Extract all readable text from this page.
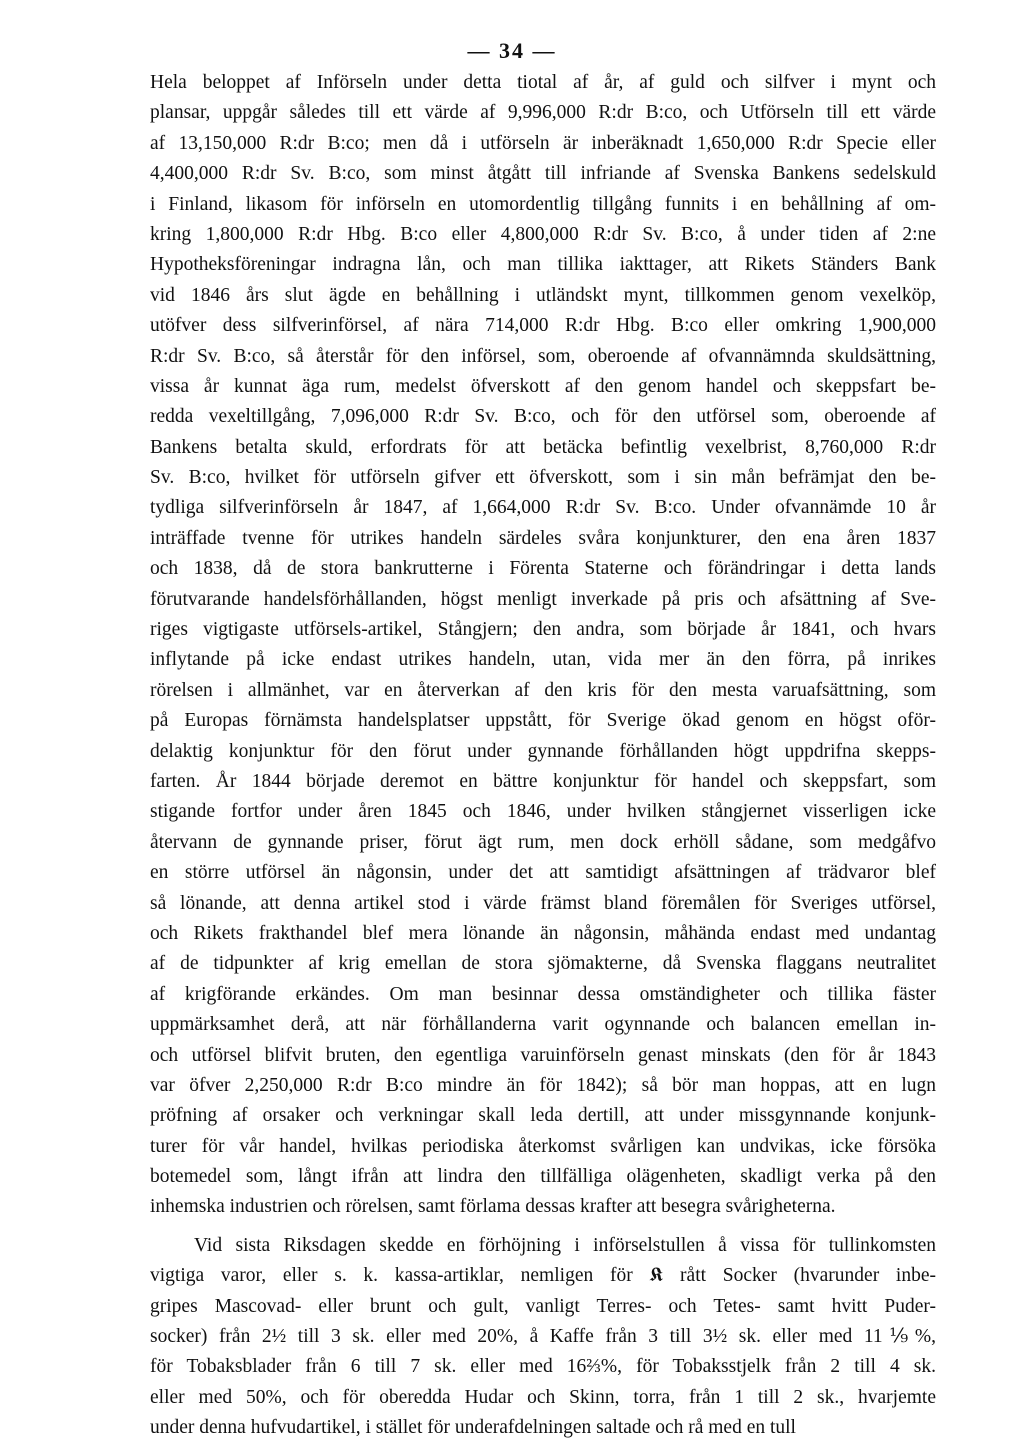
— 34 —
Hela beloppet af Införseln under detta tiotal af år, af guld och silfver i mynt och
plansar, uppgår således till ett värde af 9,996,000 R:dr B:co, och Utförseln till ett värde
af 13,150,000 R:dr B:co; men då i utförseln är inberäknadt 1,650,000 R:dr Specie eller
4,400,000 R:dr Sv. B:co, som minst åtgått till infriande af Svenska Bankens sedelskuld
i Finland, likasom för införseln en utomordentlig tillgång funnits i en behållning af om-
kring 1,800,000 R:dr Hbg. B:co eller 4,800,000 R:dr Sv. B:co, å under tiden af 2:ne
Hypotheksföreningar indragna lån, och man tillika iakttager, att Rikets Ständers Bank
vid 1846 års slut ägde en behållning i utländskt mynt, tillkommen genom vexelköp,
utöfver dess silfverinförsel, af nära 714,000 R:dr Hbg. B:co eller omkring 1,900,000
R:dr Sv. B:co, så återstår för den införsel, som, oberoende af ofvannämnda skuldsättning,
vissa år kunnat äga rum, medelst öfverskott af den genom handel och skeppsfart be-
redda vexeltillgång, 7,096,000 R:dr Sv. B:co, och för den utförsel som, oberoende af
Bankens betalta skuld, erfordrats för att betäcka befintlig vexelbrist, 8,760,000 R:dr
Sv. B:co, hvilket för utförseln gifver ett öfverskott, som i sin mån befrämjat den be-
tydliga silfverinförseln år 1847, af 1,664,000 R:dr Sv. B:co. Under ofvannämde 10 år
inträffade tvenne för utrikes handeln särdeles svåra konjunkturer, den ena åren 1837
och 1838, då de stora bankrutterne i Förenta Staterne och förändringar i detta lands
förutvarande handelsförhållanden, högst menligt inverkade på pris och afsättning af Sve-
riges vigtigaste utförsels-artikel, Stångjern; den andra, som började år 1841, och hvars
inflytande på icke endast utrikes handeln, utan, vida mer än den förra, på inrikes
rörelsen i allmänhet, var en återverkan af den kris för den mesta varuafsättning, som
på Europas förnämsta handelsplatser uppstått, för Sverige ökad genom en högst oför-
delaktig konjunktur för den förut under gynnande förhållanden högt uppdrifna skepps-
farten. År 1844 började deremot en bättre konjunktur för handel och skeppsfart, som
stigande fortfor under åren 1845 och 1846, under hvilken stångjernet visserligen icke
återvann de gynnande priser, förut ägt rum, men dock erhöll sådane, som medgåfvo
en större utförsel än någonsin, under det att samtidigt afsättningen af trädvaror blef
så lönande, att denna artikel stod i värde främst bland föremålen för Sveriges utförsel,
och Rikets frakthandel blef mera lönande än någonsin, måhända endast med undantag
af de tidpunkter af krig emellan de stora sjömakterne, då Svenska flaggans neutralitet
af krigförande erkändes. Om man besinnar dessa omständigheter och tillika fäster
uppmärksamhet derå, att när förhållanderna varit ogynnande och balancen emellan in-
och utförsel blifvit bruten, den egentliga varuinförseln genast minskats (den för år 1843
var öfver 2,250,000 R:dr B:co mindre än för 1842); så bör man hoppas, att en lugn
pröfning af orsaker och verkningar skall leda dertill, att under missgynnande konjunk-
turer för vår handel, hvilkas periodiska återkomst svårligen kan undvikas, icke försöka
botemedel som, långt ifrån att lindra den tillfälliga olägenheten, skadligt verka på den
inhemska industrien och rörelsen, samt förlama dessas krafter att besegra svårigheterna.
Vid sista Riksdagen skedde en förhöjning i införselstullen å vissa för tullinkomsten
vigtiga varor, eller s. k. kassa-artiklar, nemligen för 𝕶 rått Socker (hvarunder inbe-
gripes Mascovad- eller brunt och gult, vanligt Terres- och Tetes- samt hvitt Puder-
socker) från 2½ till 3 sk. eller med 20%, å Kaffe från 3 till 3½ sk. eller med 11⅑%,
för Tobaksblader från 6 till 7 sk. eller med 16⅔%, för Tobaksstjelk från 2 till 4 sk.
eller med 50%, och för oberedda Hudar och Skinn, torra, från 1 till 2 sk., hvarjemte
under denna hufvudartikel, i stället för underafdelningen saltade och rå med en tull
